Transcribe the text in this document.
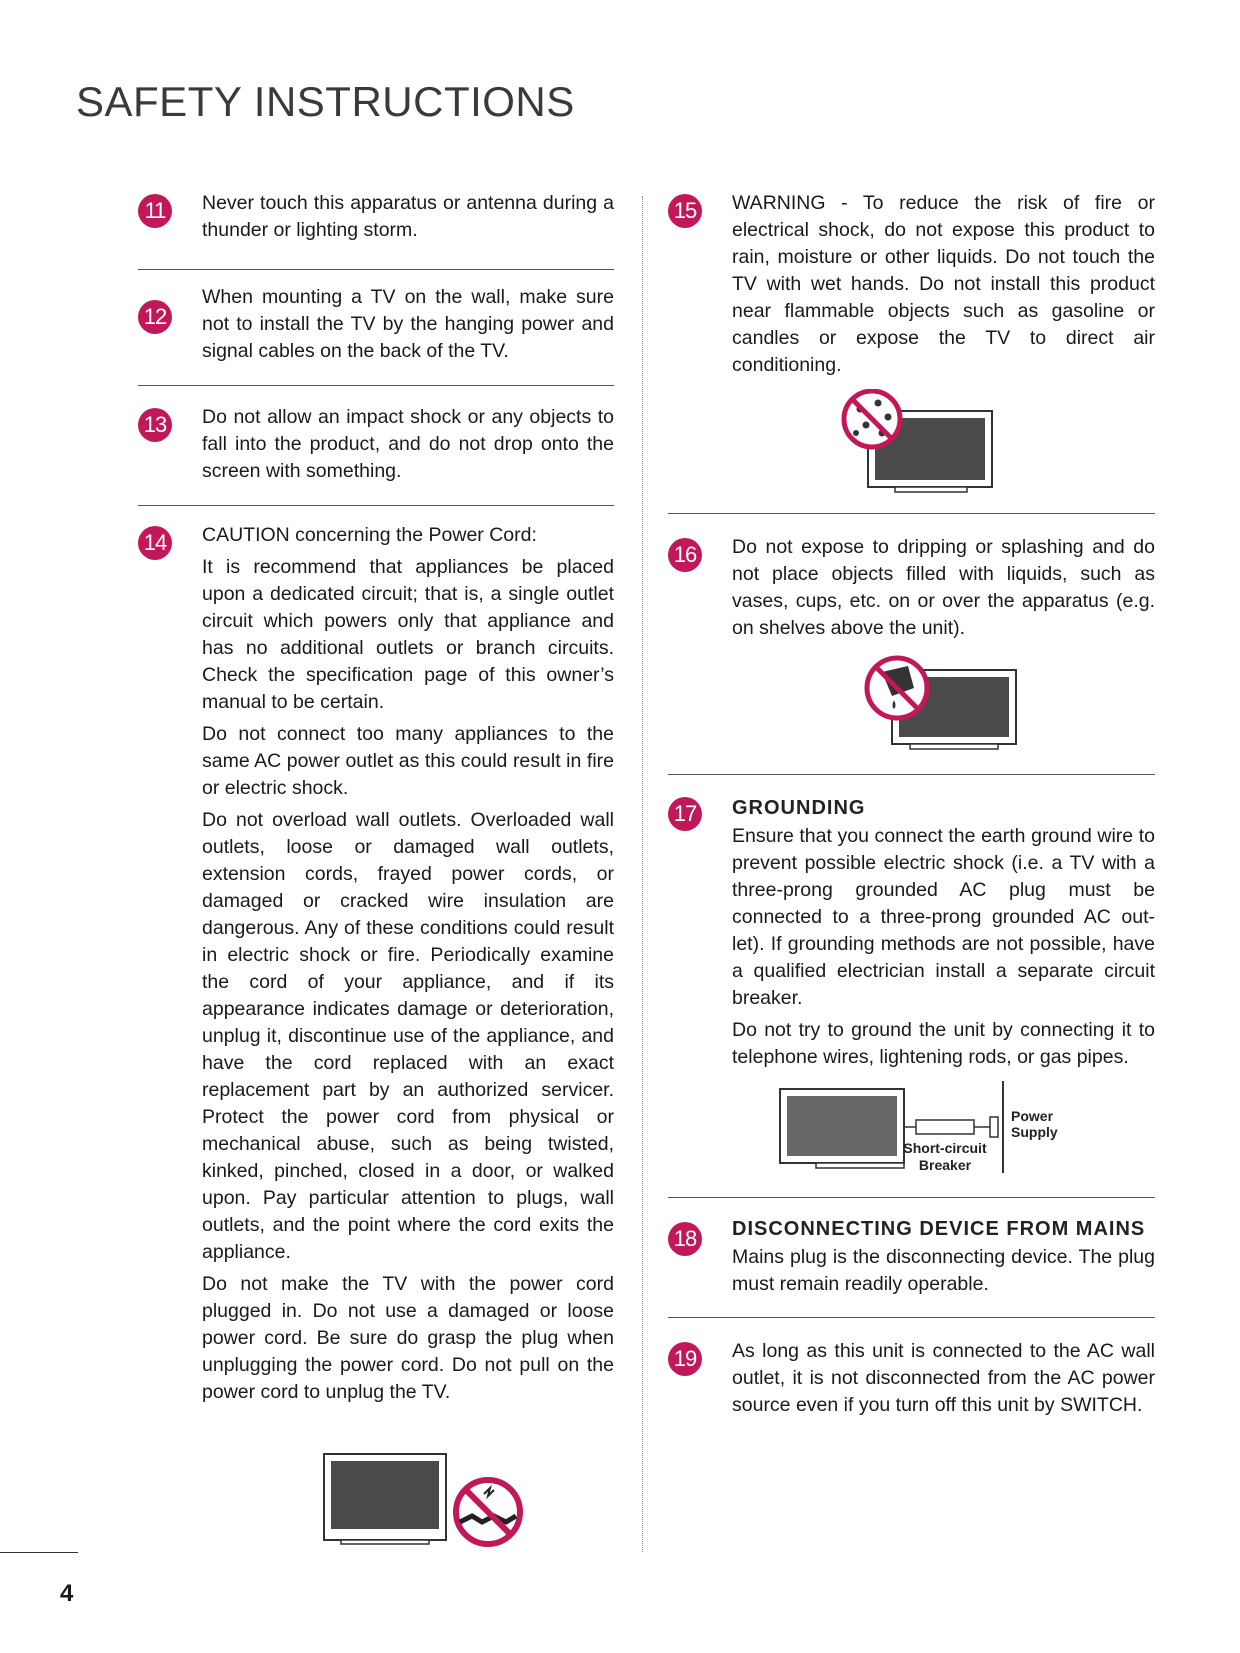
SAFETY INSTRUCTIONS
11	Never touch this apparatus or antenna during a thunder or lighting storm.

12

When mounting a TV on the wall, make sure not to install the TV by the hanging power and signal cables on the back of the TV.

13 Do not allow an impact shock or any objects to fall into the product, and do not drop onto the screen with something.

14 CAUTION concerning the Power Cord:

It is recommend that appliances be placed upon a dedicated circuit; that is, a single outlet circuit which powers only that appliance and has no additional outlets or branch circuits. Check the specification page of this owner’s manual to be certain.

Do not connect too many appliances to the same AC power outlet as this could result in fire or electric shock.

Do not overload wall outlets. Overloaded wall outlets, loose or damaged wall outlets, extension cords, frayed power cords, or damaged or cracked wire insulation are dangerous. Any of these conditions could result in electric shock or fire. Periodically examine the cord of your appliance, and if its appearance indicates damage or deterioration, unplug it, discontinue use of the appliance, and have the cord replaced with an exact replacement part by an authorized servicer. Protect the power cord from physical or mechanical abuse, such as being twisted, kinked, pinched, closed in a door, or walked upon. Pay particular attention to plugs, wall outlets, and the point where the cord exits the appliance.

Do not make the TV with the power cord plugged in. Do not use a damaged or loose power cord. Be sure do grasp the plug when unplugging the power cord. Do not pull on the power cord to unplug the TV.

15 WARNING - To reduce the risk of fire or electrical shock, do not expose this product to rain, moisture or other liquids. Do not touch the TV with wet hands. Do not install this product near flammable objects such as gasoline or candles or expose the TV to direct air conditioning.

16 Do not expose to dripping or splashing and do not place objects filled with liquids, such as vases, cups, etc. on or over the apparatus (e.g. on shelves above the unit).

17 GROUNDING

Ensure that you connect the earth ground wire to prevent possible electric shock (i.e. a TV with a three-prong grounded AC plug must be connected to a three-prong grounded AC out-let). If grounding methods are not possible, have a qualified electrician install a separate circuit breaker.

Do not try to ground the unit by connecting it to telephone wires, lightening rods, or gas pipes.

Power
Supply
Short-circuit
Breaker
18 DISCONNECTING DEVICE FROM MAINS

Mains plug is the disconnecting device. The plug must remain readily operable.

19 As long as this unit is connected to the AC wall outlet, it is not disconnected from the AC power source even if you turn off this unit by SWITCH.

4
